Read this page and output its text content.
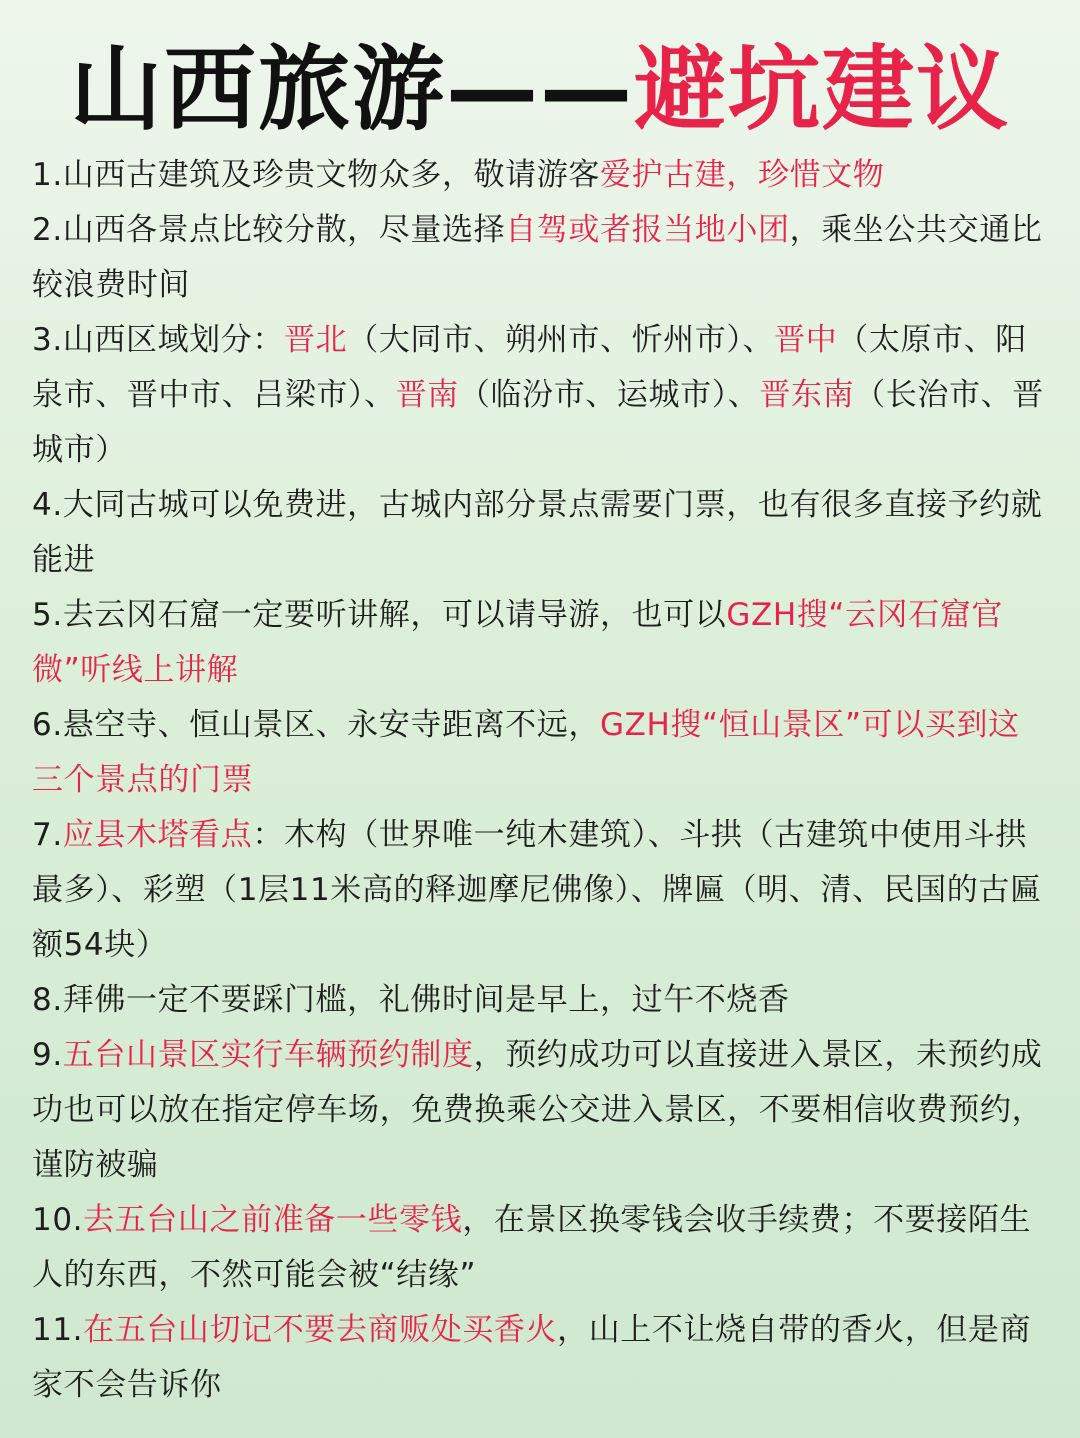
山西旅游——避坑建议

1.山西古建筑及珍贵文物众多，敬请游客爱护古建，珍惜文物

2.山西各景点比较分散，尽量选择自驾或者报当地小团，乘坐公共交通比较浪费时间

3.山西区域划分：晋北（大同市、朔州市、忻州市）、晋中（太原市、阳泉市、晋中市、吕梁市）、晋南（临汾市、运城市）、晋东南（长治市、晋城市）

4.大同古城可以免费进，古城内部分景点需要门票，也有很多直接予约就能进

5.去云冈石窟一定要听讲解，可以请导游，也可以GZH搜“云冈石窟官微”听线上讲解

6.悬空寺、恒山景区、永安寺距离不远，GZH搜“恒山景区”可以买到这三个景点的门票

7.应县木塔看点：木构（世界唯一纯木建筑）、斗拱（古建筑中使用斗拱最多）、彩塑（1层11米高的释迦摩尼佛像）、牌匾（明、清、民国的古匾额54块）

8.拜佛一定不要踩门槛，礼佛时间是早上，过午不烧香

9.五台山景区实行车辆预约制度，预约成功可以直接进入景区，未预约成功也可以放在指定停车场，免费换乘公交进入景区，不要相信收费预约，谨防被骗

10.去五台山之前准备一些零钱，在景区换零钱会收手续费；不要接陌生人的东西，不然可能会被“结缘”

11.在五台山切记不要去商贩处买香火，山上不让烧自带的香火，但是商家不会告诉你
